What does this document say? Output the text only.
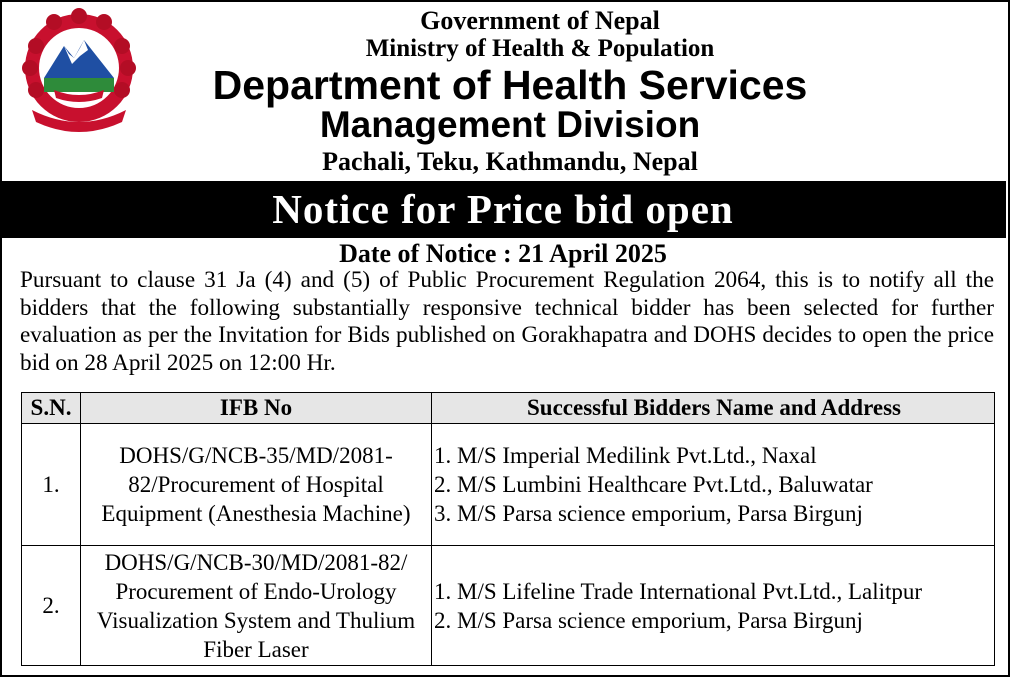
Government of Nepal
Ministry of Health & Population
Department of Health Services
Management Division
Pachali, Teku, Kathmandu, Nepal
Notice for Price bid open
Date of Notice : 21 April 2025
Pursuant to clause 31 Ja (4) and (5) of Public Procurement Regulation 2064, this is to notify all the bidders that the following substantially responsive technical bidder has been selected for further evaluation as per the Invitation for Bids published on Gorakhapatra and DOHS decides to open the price bid on 28 April 2025 on 12:00 Hr.
S.N.	IFB No	Successful Bidders Name and Address
1.	DOHS/G/NCB-35/MD/2081-82/Procurement of Hospital Equipment (Anesthesia Machine)	1. M/S Imperial Medilink Pvt.Ltd., Naxal
2. M/S Lumbini Healthcare Pvt.Ltd., Baluwatar
3. M/S Parsa science emporium, Parsa Birgunj

2.	DOHS/G/NCB-30/MD/2081-82/ Procurement of Endo-Urology Visualization System and Thulium Fiber Laser	1. M/S Lifeline Trade International Pvt.Ltd., Lalitpur
2. M/S Parsa science emporium, Parsa Birgunj
